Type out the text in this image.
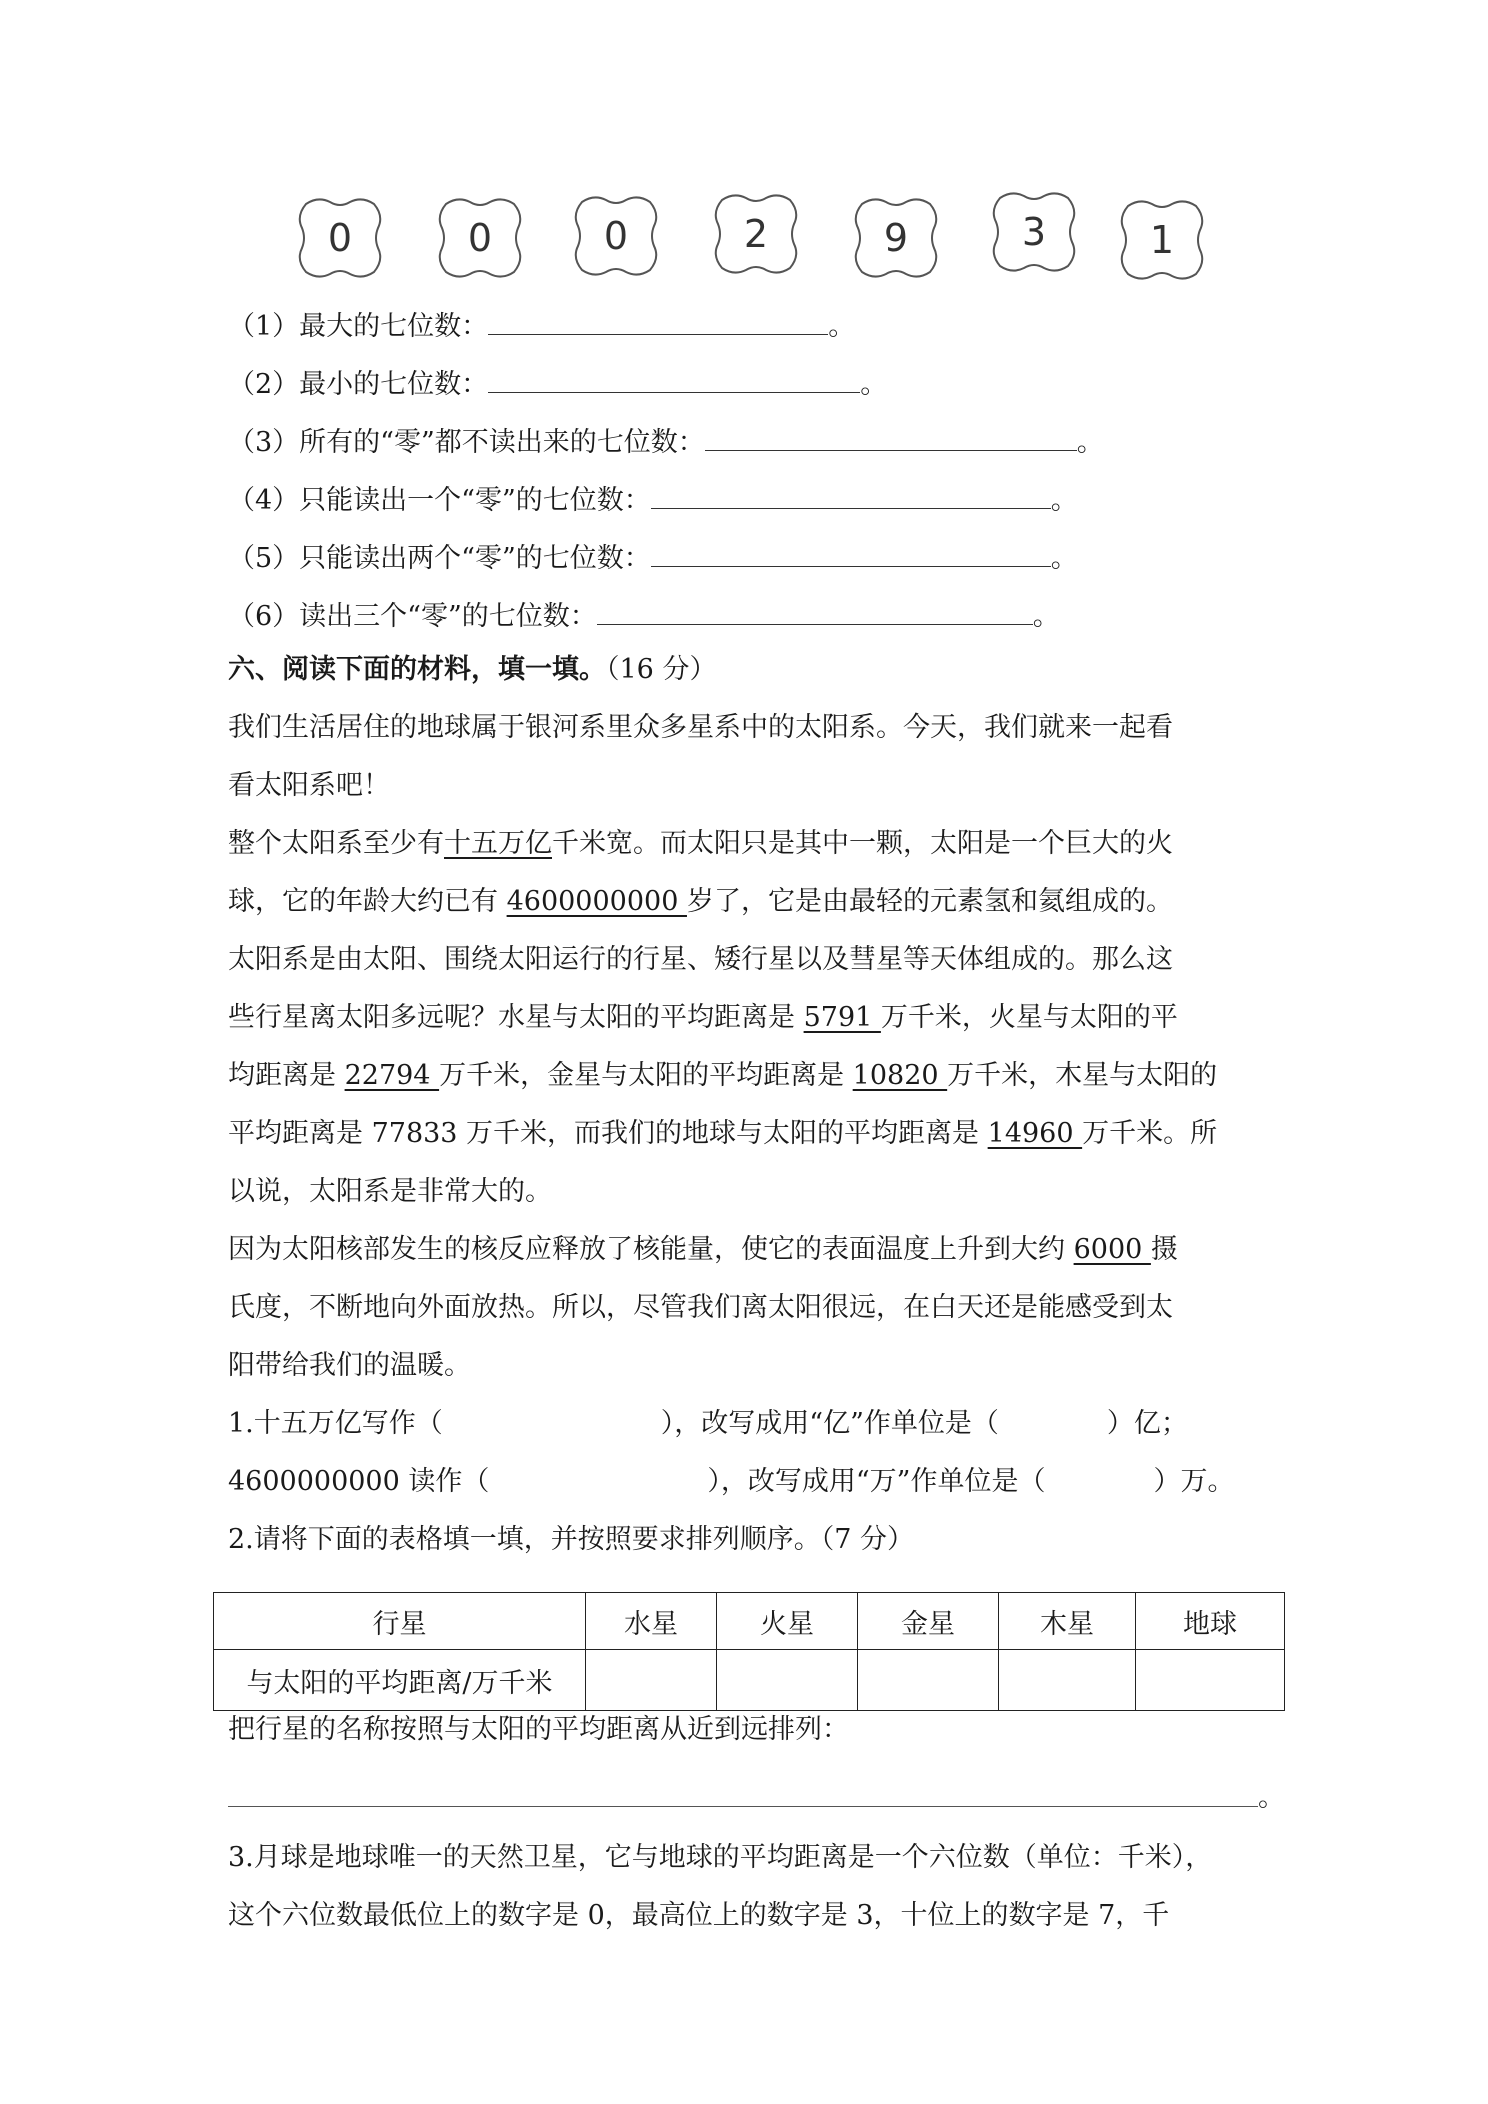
0	0	0	2	9	3	1
（1）最大的七位数：	。
（2）最小的七位数：	。
（3）所有的“零”都不读出来的七位数：	。
（4）只能读出一个“零”的七位数：	。
（5）只能读出两个“零”的七位数：	。
（6）读出三个“零”的七位数：	。
六、阅读下面的材料，填一填。（16 分）
我们生活居住的地球属于银河系里众多星系中的太阳系。今天，我们就来一起看
看太阳系吧！
整个太阳系至少有十五万亿千米宽。而太阳只是其中一颗，太阳是一个巨大的火
球，它的年龄大约已有 4600000000 岁了，它是由最轻的元素氢和氦组成的。
太阳系是由太阳、围绕太阳运行的行星、矮行星以及彗星等天体组成的。那么这
些行星离太阳多远呢？水星与太阳的平均距离是 5791 万千米，火星与太阳的平
均距离是 22794 万千米，金星与太阳的平均距离是 10820 万千米，木星与太阳的
平均距离是 77833 万千米，而我们的地球与太阳的平均距离是 14960 万千米。所
以说，太阳系是非常大的。
因为太阳核部发生的核反应释放了核能量，使它的表面温度上升到大约 6000 摄
氏度，不断地向外面放热。所以，尽管我们离太阳很远，在白天还是能感受到太
阳带给我们的温暖。
1.十五万亿写作（	），改写成用“亿”作单位是（	）亿；
4600000000 读作（	），改写成用“万”作单位是（	）万。
2.请将下面的表格填一填，并按照要求排列顺序。（7 分）
行星	水星	火星	金星	木星	地球
与太阳的平均距离/万千米					
把行星的名称按照与太阳的平均距离从近到远排列：
。
3.月球是地球唯一的天然卫星，它与地球的平均距离是一个六位数（单位：千米），
这个六位数最低位上的数字是 0，最高位上的数字是 3，十位上的数字是 7，千
